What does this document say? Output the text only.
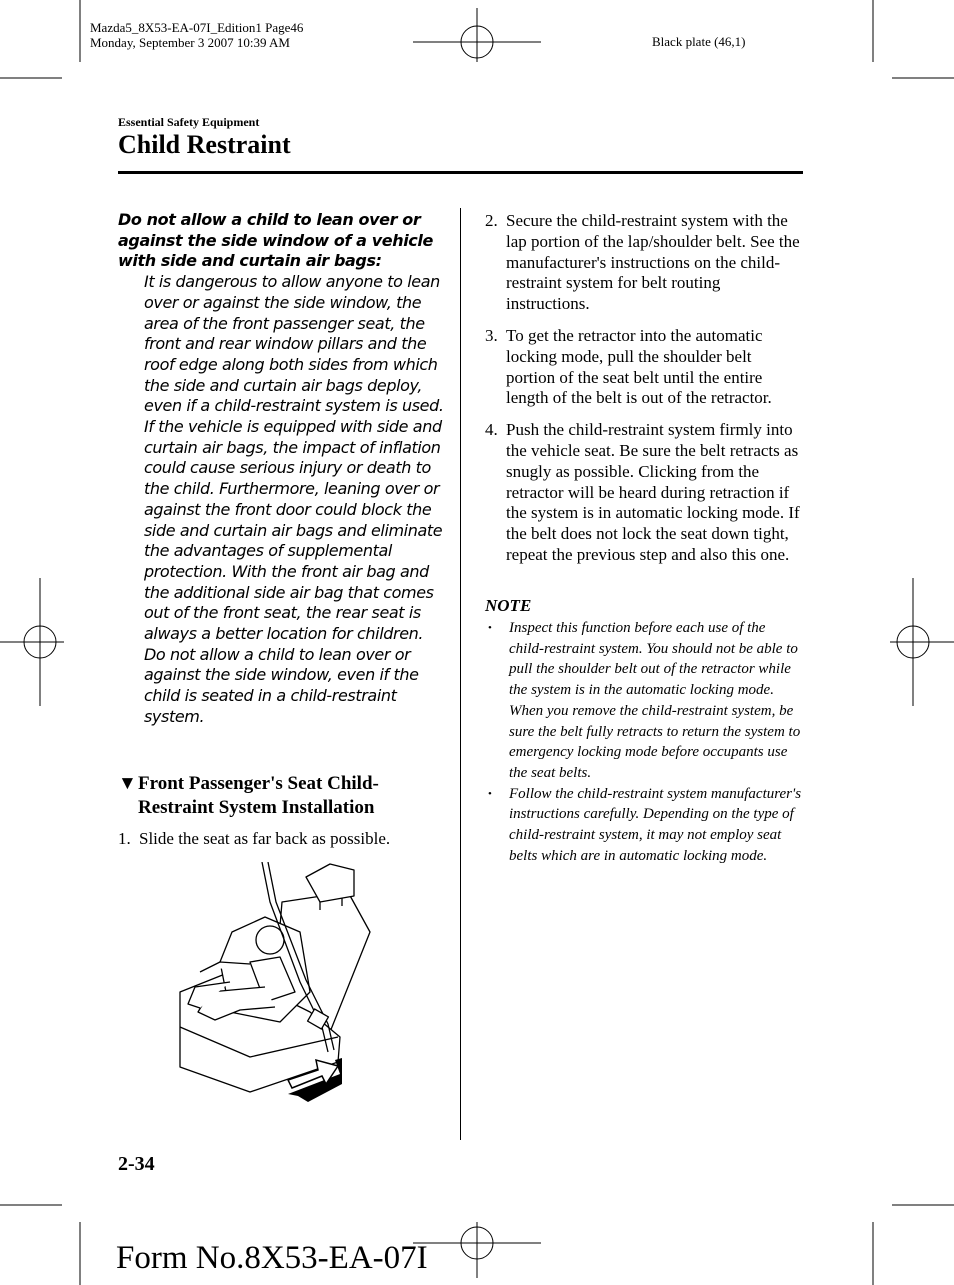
Mazda5_8X53-EA-07I_Edition1 Page46
Monday, September 3 2007 10:39 AM	Black plate (46,1)
Essential Safety Equipment
Child Restraint
Do not allow a child to lean over or against the side window of a vehicle with side and curtain air bags:
It is dangerous to allow anyone to lean over or against the side window, the area of the front passenger seat, the front and rear window pillars and the roof edge along both sides from which the side and curtain air bags deploy, even if a child-restraint system is used. If the vehicle is equipped with side and curtain air bags, the impact of inflation could cause serious injury or death to the child. Furthermore, leaning over or against the front door could block the side and curtain air bags and eliminate the advantages of supplemental protection. With the front air bag and the additional side air bag that comes out of the front seat, the rear seat is always a better location for children. Do not allow a child to lean over or against the side window, even if the child is seated in a child-restraint system.
▼Front Passenger's Seat Child-Restraint System Installation
1. Slide the seat as far back as possible.
2. Secure the child-restraint system with the lap portion of the lap/shoulder belt. See the manufacturer's instructions on the child-restraint system for belt routing instructions.
3. To get the retractor into the automatic locking mode, pull the shoulder belt portion of the seat belt until the entire length of the belt is out of the retractor.
4. Push the child-restraint system firmly into the vehicle seat. Be sure the belt retracts as snugly as possible. Clicking from the retractor will be heard during retraction if the system is in automatic locking mode. If the belt does not lock the seat down tight, repeat the previous step and also this one.
NOTE
•	Inspect this function before each use of the child-restraint system. You should not be able to pull the shoulder belt out of the retractor while the system is in the automatic locking mode. When you remove the child-restraint system, be sure the belt fully retracts to return the system to emergency locking mode before occupants use the seat belts.
•	Follow the child-restraint system manufacturer's instructions carefully. Depending on the type of child-restraint system, it may not employ seat belts which are in automatic locking mode.
2-34
Form No.8X53-EA-07I
